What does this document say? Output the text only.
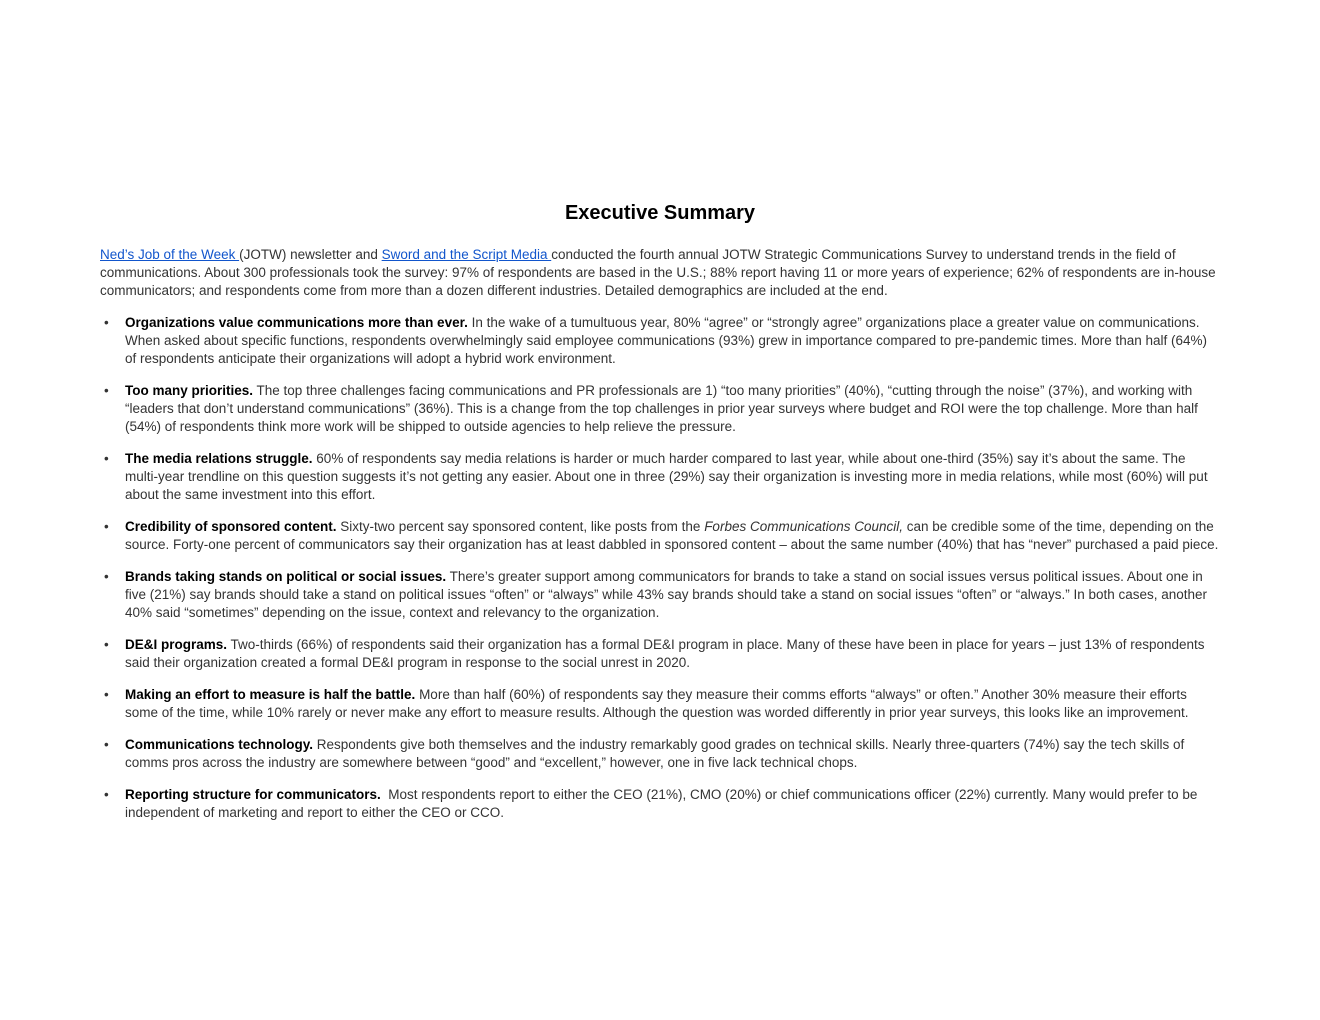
Executive Summary

Ned’s Job of the Week (JOTW) newsletter and Sword and the Script Media conducted the fourth annual JOTW Strategic Communications Survey to understand trends in the field of communications. About 300 professionals took the survey: 97% of respondents are based in the U.S.; 88% report having 11 or more years of experience; 62% of respondents are in-house communicators; and respondents come from more than a dozen different industries. Detailed demographics are included at the end.

•	Organizations value communications more than ever. In the wake of a tumultuous year, 80% “agree” or “strongly agree” organizations place a greater value on communications. When asked about specific functions, respondents overwhelmingly said employee communications (93%) grew in importance compared to pre-pandemic times. More than half (64%) of respondents anticipate their organizations will adopt a hybrid work environment.
•	Too many priorities. The top three challenges facing communications and PR professionals are 1) “too many priorities” (40%), “cutting through the noise” (37%), and working with “leaders that don’t understand communications” (36%). This is a change from the top challenges in prior year surveys where budget and ROI were the top challenge. More than half (54%) of respondents think more work will be shipped to outside agencies to help relieve the pressure.
•	The media relations struggle. 60% of respondents say media relations is harder or much harder compared to last year, while about one-third (35%) say it’s about the same. The multi-year trendline on this question suggests it’s not getting any easier. About one in three (29%) say their organization is investing more in media relations, while most (60%) will put about the same investment into this effort.
•	Credibility of sponsored content. Sixty-two percent say sponsored content, like posts from the Forbes Communications Council, can be credible some of the time, depending on the source. Forty-one percent of communicators say their organization has at least dabbled in sponsored content – about the same number (40%) that has “never” purchased a paid piece.
•	Brands taking stands on political or social issues. There’s greater support among communicators for brands to take a stand on social issues versus political issues. About one in five (21%) say brands should take a stand on political issues “often” or “always” while 43% say brands should take a stand on social issues “often” or “always.” In both cases, another 40% said “sometimes” depending on the issue, context and relevancy to the organization.
•	DE&I programs. Two-thirds (66%) of respondents said their organization has a formal DE&I program in place. Many of these have been in place for years – just 13% of respondents said their organization created a formal DE&I program in response to the social unrest in 2020.
•	Making an effort to measure is half the battle. More than half (60%) of respondents say they measure their comms efforts “always” or often.” Another 30% measure their efforts some of the time, while 10% rarely or never make any effort to measure results. Although the question was worded differently in prior year surveys, this looks like an improvement.
•	Communications technology. Respondents give both themselves and the industry remarkably good grades on technical skills. Nearly three-quarters (74%) say the tech skills of comms pros across the industry are somewhere between “good” and “excellent,” however, one in five lack technical chops.
•	Reporting structure for communicators.  Most respondents report to either the CEO (21%), CMO (20%) or chief communications officer (22%) currently. Many would prefer to be independent of marketing and report to either the CEO or CCO.
